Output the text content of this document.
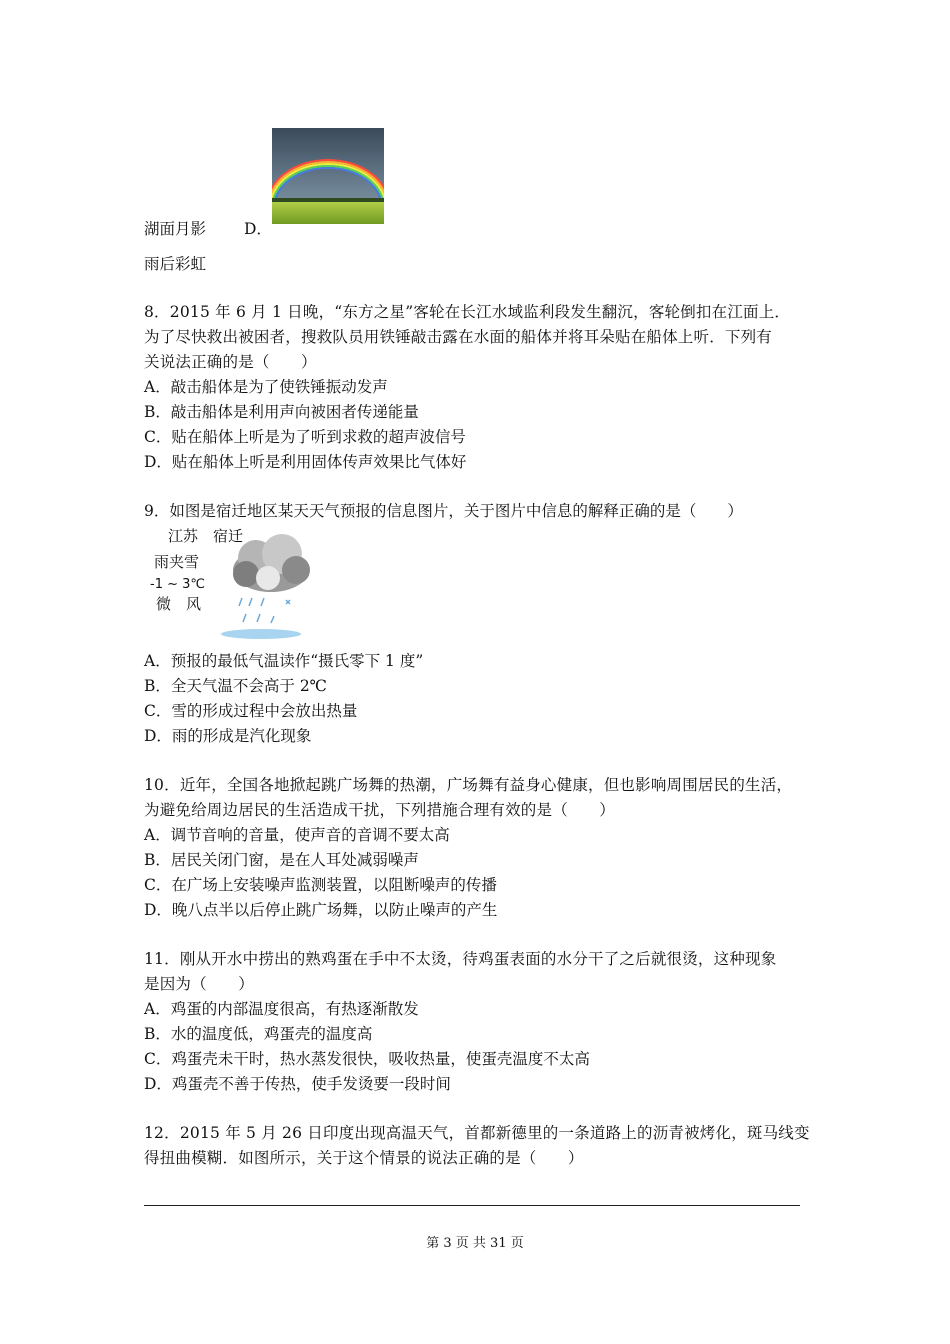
湖面月影 D．
雨后彩虹
8．2015 年 6 月 1 日晚，“东方之星”客轮在长江水域监利段发生翻沉，客轮倒扣在江面上．
为了尽快救出被困者，搜救队员用铁锤敲击露在水面的船体并将耳朵贴在船体上听．下列有
关说法正确的是（　　）
A．敲击船体是为了使铁锤振动发声
B．敲击船体是利用声向被困者传递能量
C．贴在船体上听是为了听到求救的超声波信号
D．贴在船体上听是利用固体传声效果比气体好
9．如图是宿迁地区某天天气预报的信息图片，关于图片中信息的解释正确的是（　　）
江苏　宿迁
雨夹雪
-1 ~ 3℃
微　风
A．预报的最低气温读作“摄氏零下 1 度”
B．全天气温不会高于 2℃
C．雪的形成过程中会放出热量
D．雨的形成是汽化现象
10．近年，全国各地掀起跳广场舞的热潮，广场舞有益身心健康，但也影响周围居民的生活，
为避免给周边居民的生活造成干扰，下列措施合理有效的是（　　）
A．调节音响的音量，使声音的音调不要太高
B．居民关闭门窗，是在人耳处减弱噪声
C．在广场上安装噪声监测装置，以阻断噪声的传播
D．晚八点半以后停止跳广场舞，以防止噪声的产生
11．刚从开水中捞出的熟鸡蛋在手中不太烫，待鸡蛋表面的水分干了之后就很烫，这种现象
是因为（　　）
A．鸡蛋的内部温度很高，有热逐渐散发
B．水的温度低，鸡蛋壳的温度高
C．鸡蛋壳未干时，热水蒸发很快，吸收热量，使蛋壳温度不太高
D．鸡蛋壳不善于传热，使手发烫要一段时间
12．2015 年 5 月 26 日印度出现高温天气，首都新德里的一条道路上的沥青被烤化，斑马线变
得扭曲模糊．如图所示，关于这个情景的说法正确的是（　　）
第 3 页 共 31 页
